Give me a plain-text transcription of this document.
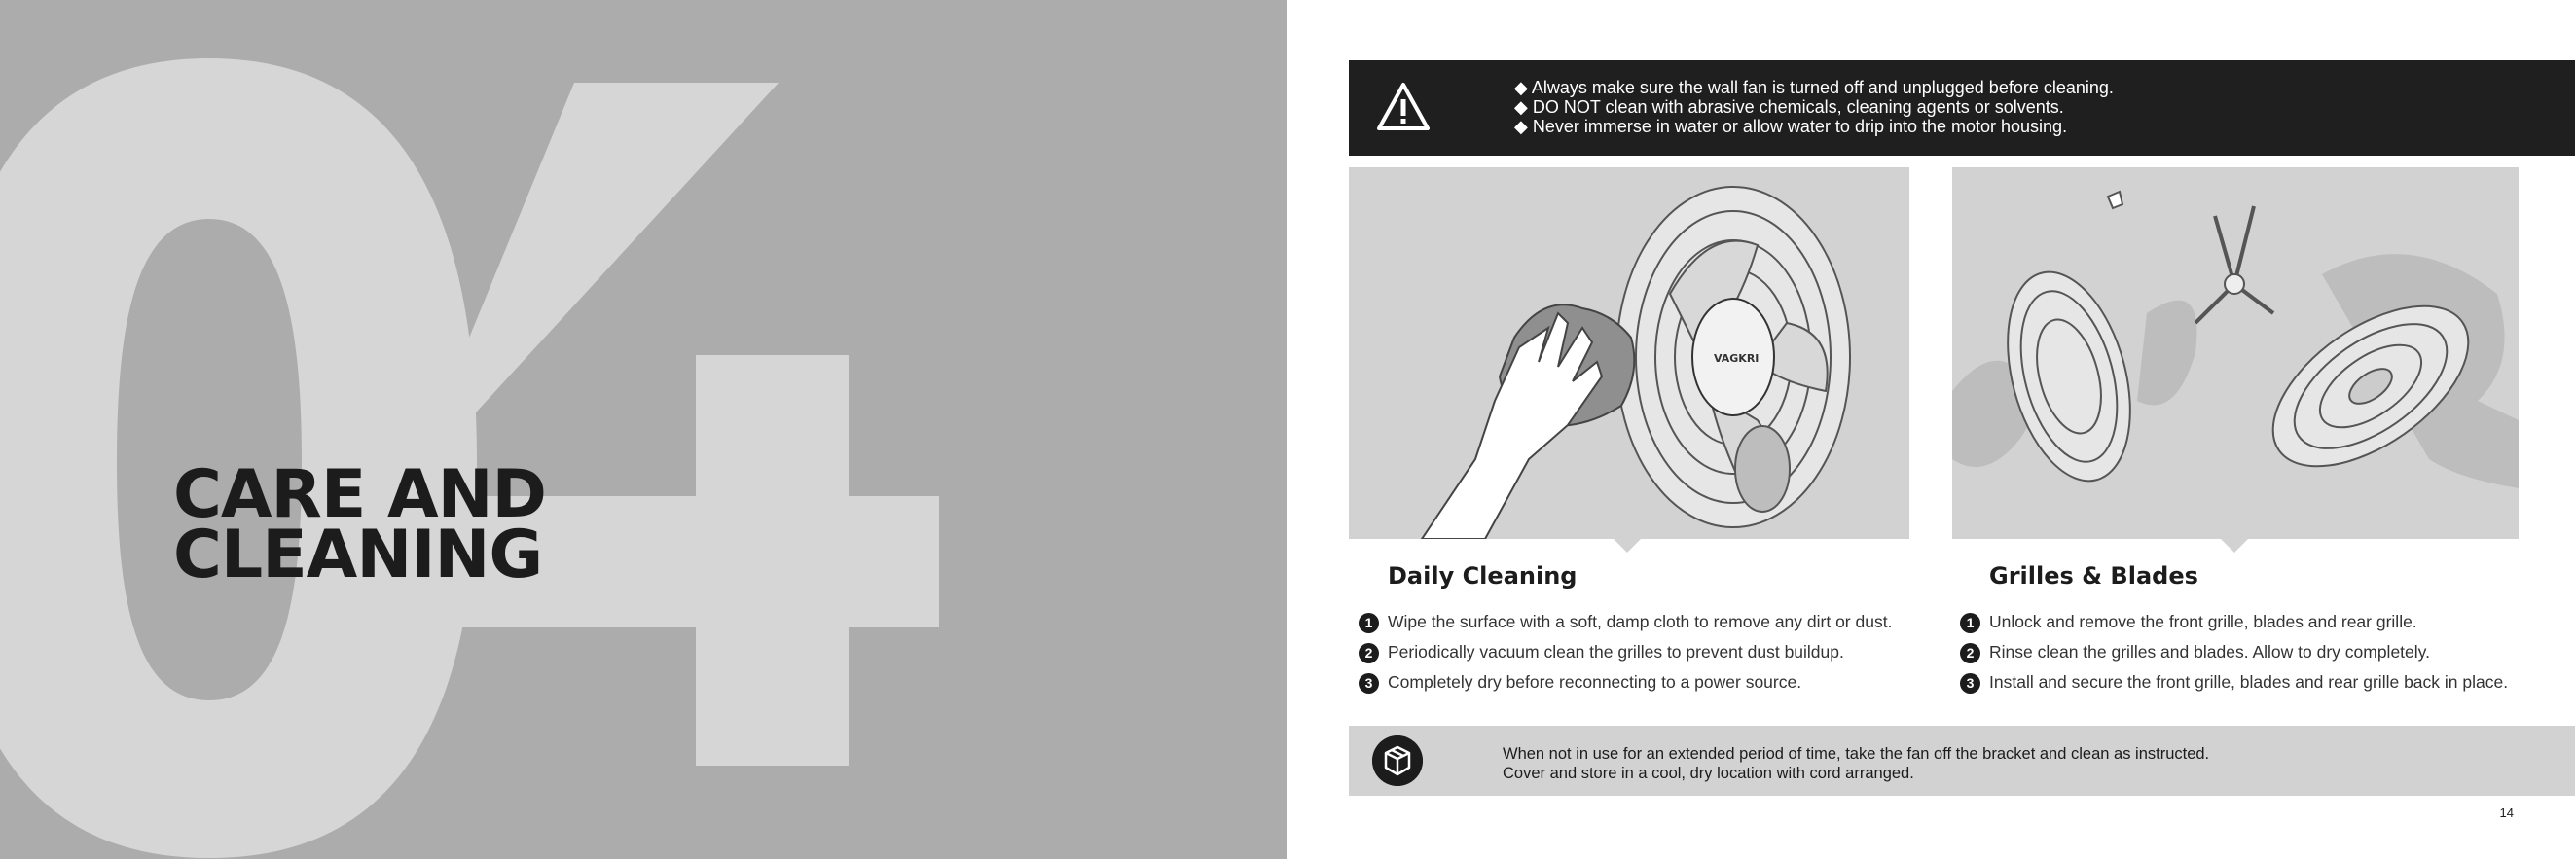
CARE AND
CLEANING
◆ Always make sure the wall fan is turned off and unplugged before cleaning.
◆ DO NOT clean with abrasive chemicals, cleaning agents or solvents.
◆ Never immerse in water or allow water to drip into the motor housing.
VAGKRI
Daily Cleaning
1 Wipe the surface with a soft, damp cloth to remove any dirt or dust.
2 Periodically vacuum clean the grilles to prevent dust buildup.
3 Completely dry before reconnecting to a power source.
Grilles & Blades
1 Unlock and remove the front grille, blades and rear grille.
2 Rinse clean the grilles and blades. Allow to dry completely.
3 Install and secure the front grille, blades and rear grille back in place.

When not in use for an extended period of time, take the fan off the bracket and clean as instructed.
Cover and store in a cool, dry location with cord arranged.

14
